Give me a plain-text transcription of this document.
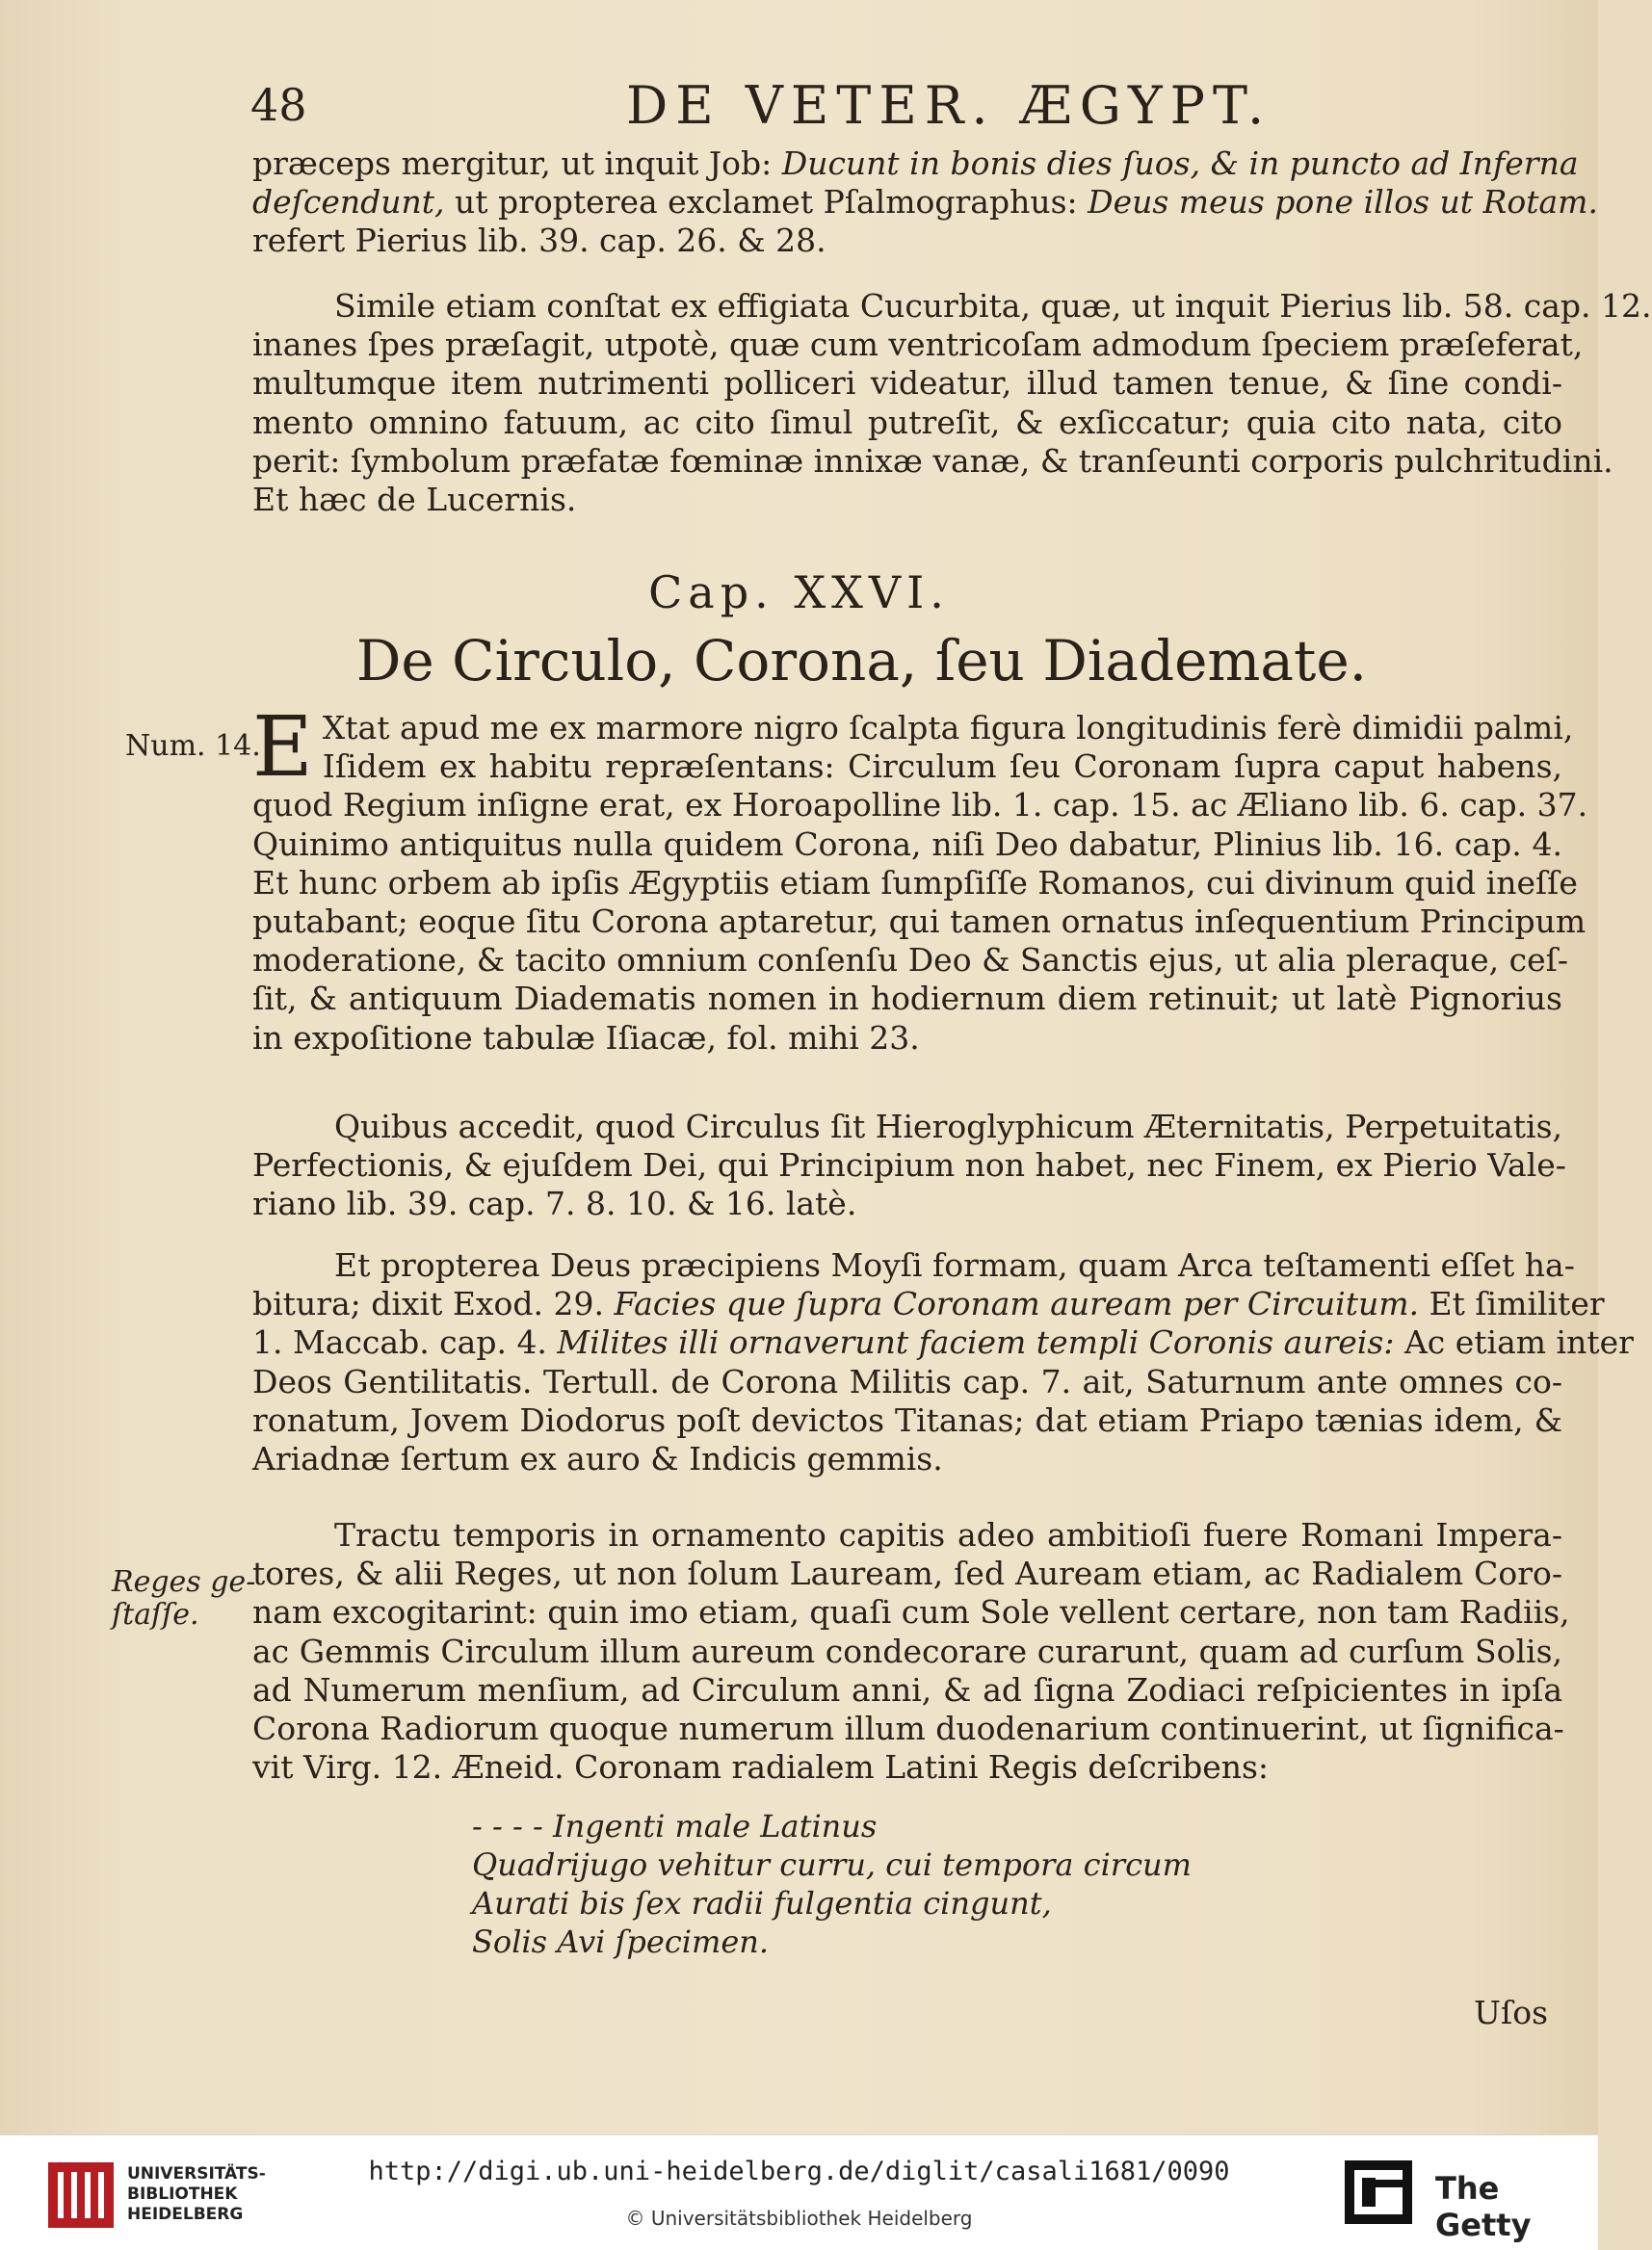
48	DE VETER. ÆGYPT.
præceps mergitur, ut inquit Job: Ducunt in bonis dies ſuos, & in puncto ad Inferna
deſcendunt, ut propterea exclamet Pſalmographus: Deus meus pone illos ut Rotam.
refert Pierius lib. 39. cap. 26. & 28.
Simile etiam conſtat ex effigiata Cucurbita, quæ, ut inquit Pierius lib. 58. cap. 12.
inanes ſpes præſagit, utpotè, quæ cum ventricoſam admodum ſpeciem præſeferat,
multumque item nutrimenti polliceri videatur, illud tamen tenue, & ſine condi-
mento omnino fatuum, ac cito ſimul putreſit, & exſiccatur; quia cito nata, cito
perit: ſymbolum præfatæ fœminæ innixæ vanæ, & tranſeunti corporis pulchritudini.
Et hæc de Lucernis.
Cap. XXVI.
De Circulo, Corona, ſeu Diademate.
Num. 14.
E Xtat apud me ex marmore nigro ſcalpta figura longitudinis ferè dimidii palmi,
Iſidem ex habitu repræſentans: Circulum ſeu Coronam ſupra caput habens,
quod Regium inſigne erat, ex Horoapolline lib. 1. cap. 15. ac Æliano lib. 6. cap. 37.
Quinimo antiquitus nulla quidem Corona, niſi Deo dabatur, Plinius lib. 16. cap. 4.
Et hunc orbem ab ipſis Ægyptiis etiam ſumpſiſſe Romanos, cui divinum quid ineſſe
putabant; eoque ſitu Corona aptaretur, qui tamen ornatus inſequentium Principum
moderatione, & tacito omnium conſenſu Deo & Sanctis ejus, ut alia pleraque, ceſ-
ſit, & antiquum Diadematis nomen in hodiernum diem retinuit; ut latè Pignorius
in expoſitione tabulæ Iſiacæ, fol. mihi 23.
Quibus accedit, quod Circulus ſit Hieroglyphicum Æternitatis, Perpetuitatis,
Perfectionis, & ejuſdem Dei, qui Principium non habet, nec Finem, ex Pierio Vale-
riano lib. 39. cap. 7. 8. 10. & 16. latè.
Et propterea Deus præcipiens Moyſi formam, quam Arca teſtamenti eſſet ha-
bitura; dixit Exod. 29. Facies que ſupra Coronam auream per Circuitum. Et ſimiliter
1. Maccab. cap. 4. Milites illi ornaverunt faciem templi Coronis aureis: Ac etiam inter
Deos Gentilitatis. Tertull. de Corona Militis cap. 7. ait, Saturnum ante omnes co-
ronatum, Jovem Diodorus poſt devictos Titanas; dat etiam Priapo tænias idem, &
Ariadnæ ſertum ex auro & Indicis gemmis.
Reges ge-
ſtaſſe.
Tractu temporis in ornamento capitis adeo ambitioſi fuere Romani Impera-
tores, & alii Reges, ut non ſolum Lauream, ſed Auream etiam, ac Radialem Coro-
nam excogitarint: quin imo etiam, quaſi cum Sole vellent certare, non tam Radiis,
ac Gemmis Circulum illum aureum condecorare curarunt, quam ad curſum Solis,
ad Numerum menſium, ad Circulum anni, & ad ſigna Zodiaci reſpicientes in ipſa
Corona Radiorum quoque numerum illum duodenarium continuerint, ut ſignifica-
vit Virg. 12. Æneid. Coronam radialem Latini Regis deſcribens:
- - - - Ingenti male Latinus
Quadrijugo vehitur curru, cui tempora circum
Aurati bis ſex radii fulgentia cingunt,
Solis Avi ſpecimen.
Uſos
UNIVERSITÄTS-
BIBLIOTHEK
HEIDELBERG
http://digi.ub.uni-heidelberg.de/diglit/casali1681/0090
© Universitätsbibliothek Heidelberg
The Getty
